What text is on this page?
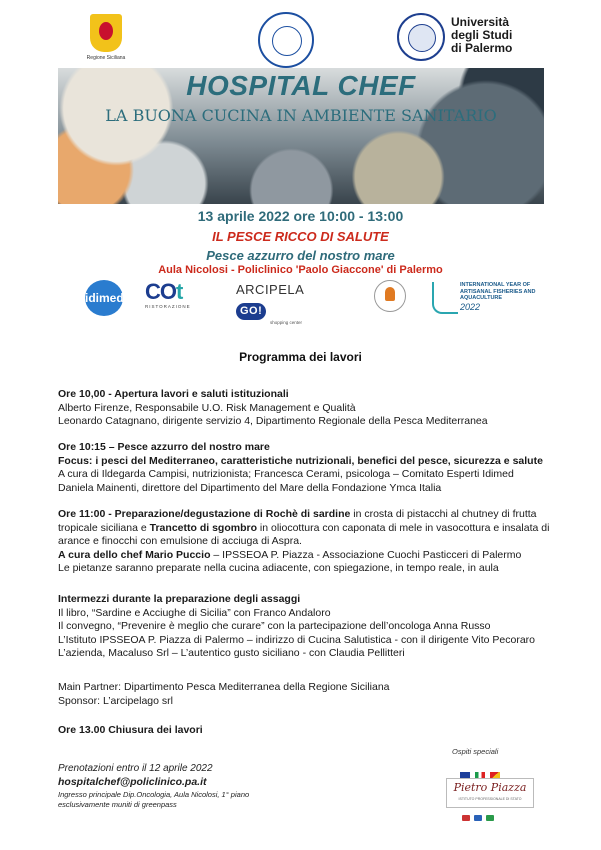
Regione Siciliana
Università
degli Studi
di Palermo
HOSPITAL CHEF
LA BUONA CUCINA IN AMBIENTE SANITARIO
13 aprile 2022 ore 10:00 - 13:00
IL PESCE RICCO DI SALUTE
Pesce azzurro del nostro mare
Aula Nicolosi - Policlinico 'Paolo Giaccone' di Palermo
idimed COt
RISTORAZIONE
ARCIPELAGO!
shopping center
INTERNATIONAL YEAR OF ARTISANAL FISHERIES AND AQUACULTURE
2022
Programma dei lavori

Ore 10,00 - Apertura lavori e saluti istituzionali

Alberto Firenze, Responsabile U.O. Risk Management e Qualità

Leonardo Catagnano, dirigente servizio 4, Dipartimento Regionale della Pesca Mediterranea

Ore 10:15 – Pesce azzurro del nostro mare

Focus: i pesci del Mediterraneo, caratteristiche nutrizionali, benefici del pesce, sicurezza e salute

A cura di Ildegarda Campisi, nutrizionista; Francesca Cerami, psicologa – Comitato Esperti Idimed

Daniela Mainenti, direttore del Dipartimento del Mare della Fondazione Ymca Italia

Ore 11:00 - Preparazione/degustazione di Rochè di sardine in crosta di pistacchi al chutney di frutta tropicale siciliana e Trancetto di sgombro in oliocottura con caponata di mele in vasocottura e insalata di arance e finocchi con emulsione di acciuga di Aspra.

A cura dello chef Mario Puccio – IPSSEOA P. Piazza - Associazione Cuochi Pasticceri di Palermo

Le pietanze saranno preparate nella cucina adiacente, con spiegazione, in tempo reale, in aula

Intermezzi durante la preparazione degli assaggi

Il libro, “Sardine e Acciughe di Sicilia” con Franco Andaloro

Il convegno, “Prevenire è meglio che curare” con la partecipazione dell’oncologa Anna Russo

L’Istituto IPSSEOA P. Piazza di Palermo – indirizzo di Cucina Salutistica - con il dirigente Vito Pecoraro

L’azienda, Macaluso Srl – L’autentico gusto siciliano - con Claudia Pellitteri

Main Partner: Dipartimento Pesca Mediterranea della Regione Siciliana

Sponsor: L’arcipelago srl

Ore 13.00 Chiusura dei lavori

Prenotazioni entro il 12 aprile 2022
hospitalchef@policlinico.pa.it
Ingresso principale Dip.Oncologia, Aula Nicolosi, 1° piano
esclusivamente muniti di greenpass
Ospiti speciali
Pietro Piazza
ISTITUTO PROFESSIONALE DI STATO
